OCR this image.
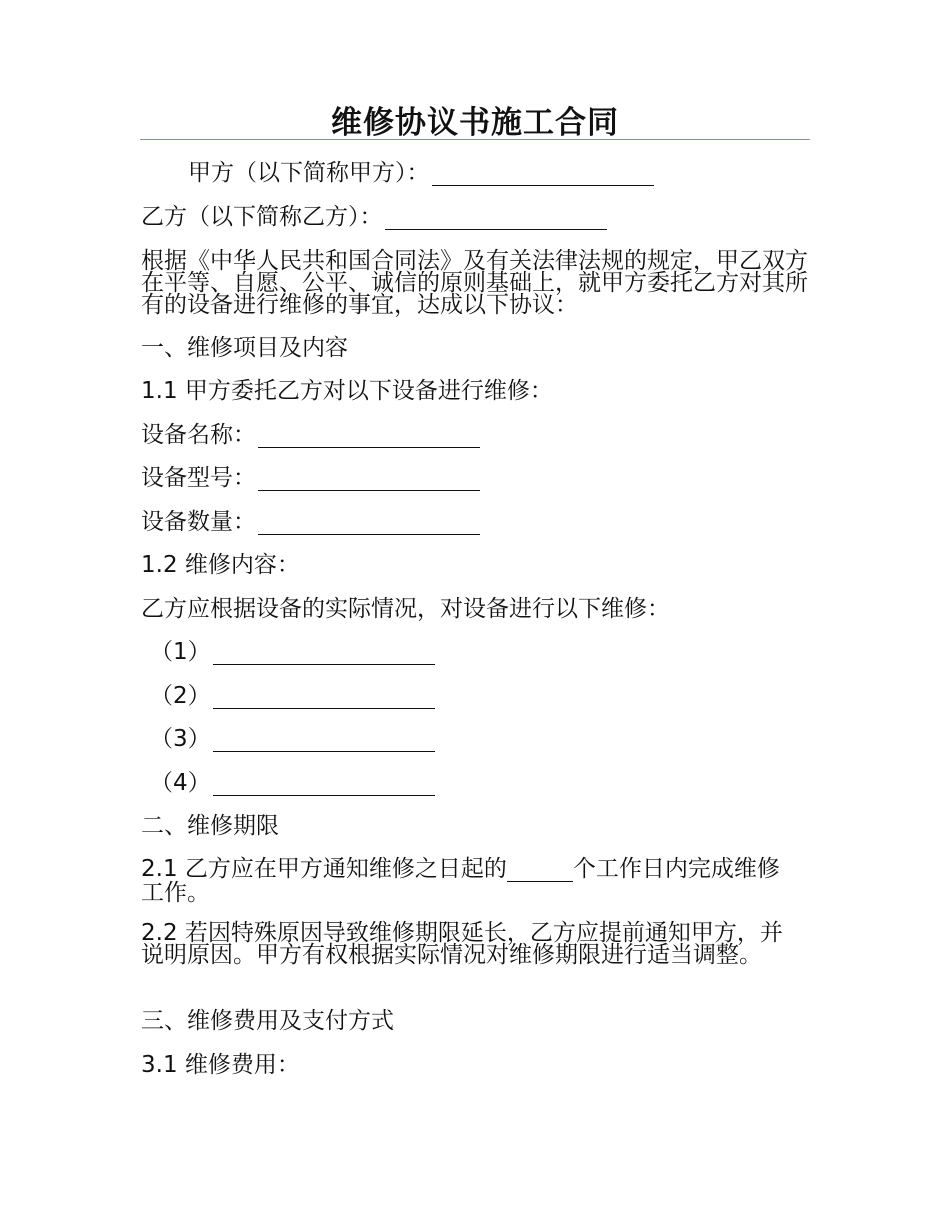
维修协议书施工合同
甲方（以下简称甲方）：
乙方（以下简称乙方）：
根据《中华人民共和国合同法》及有关法律法规的规定，甲乙双方在平等、自愿、公平、诚信的原则基础上，就甲方委托乙方对其所有的设备进行维修的事宜，达成以下协议：
一、维修项目及内容
1.1 甲方委托乙方对以下设备进行维修：
设备名称：
设备型号：
设备数量：
1.2 维修内容：
乙方应根据设备的实际情况，对设备进行以下维修：
（1）
（2）
（3）
（4）
二、维修期限
2.1 乙方应在甲方通知维修之日起的	个工作日内完成维修工作。
2.2 若因特殊原因导致维修期限延长，乙方应提前通知甲方，并说明原因。甲方有权根据实际情况对维修期限进行适当调整。
三、维修费用及支付方式
3.1 维修费用：
